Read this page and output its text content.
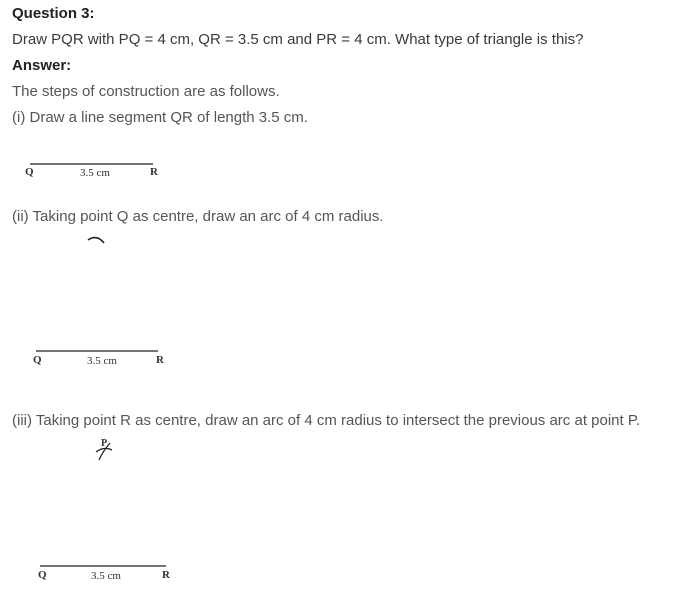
Question 3:
Draw PQR with PQ = 4 cm, QR = 3.5 cm and PR = 4 cm. What type of triangle is this?
Answer:
The steps of construction are as follows.
(i) Draw a line segment QR of length 3.5 cm.
Q	3.5 cm	R
(ii) Taking point Q as centre, draw an arc of 4 cm radius.
Q	3.5 cm	R
(iii) Taking point R as centre, draw an arc of 4 cm radius to intersect the previous arc at point P.
P
Q	3.5 cm	R
